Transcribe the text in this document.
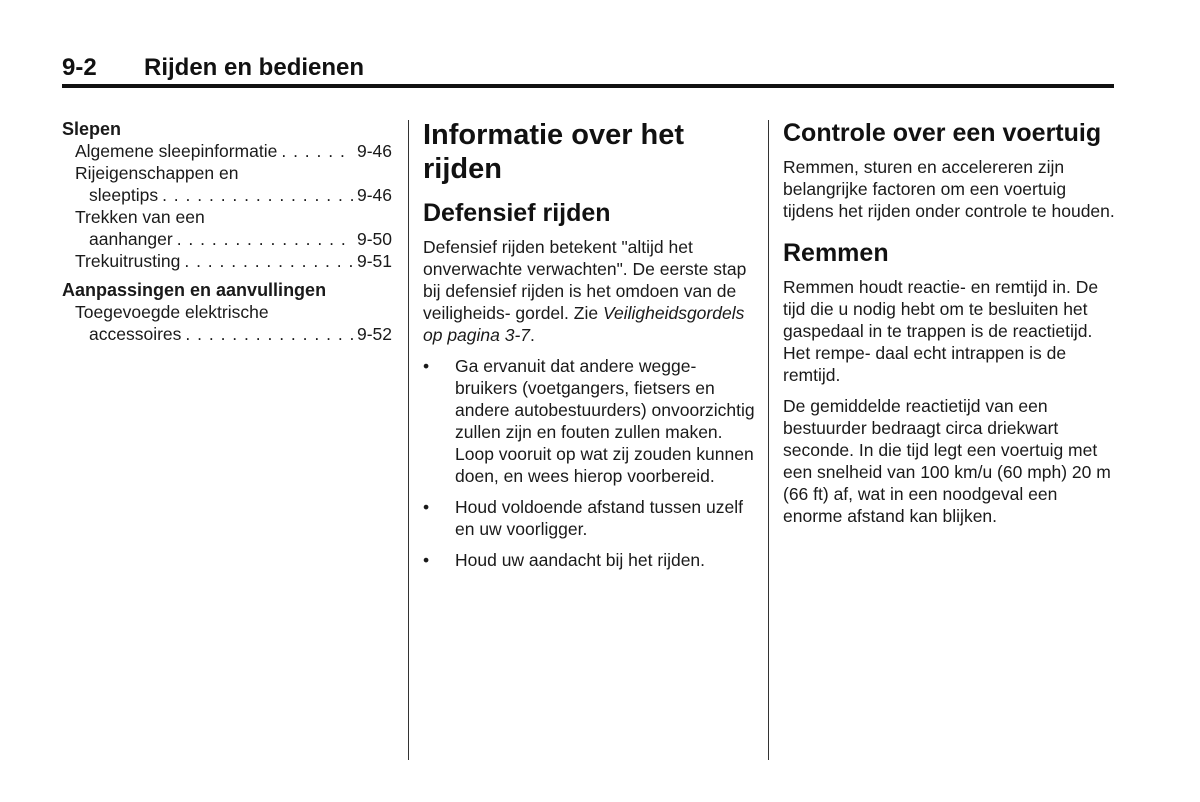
9-2 Rijden en bedienen
Slepen
Algemene sleepinformatie . . .	9-46
Rijeigenschappen en
sleeptips . . .	9-46
Trekken van een
aanhanger . . .	9-50
Trekuitrusting . . .	9-51
Aanpassingen en aanvullingen
Toegevoegde elektrische
accessoires . . .	9-52
Informatie over het rijden
Defensief rijden

Defensief rijden betekent "altijd het onverwachte verwachten". De eerste stap bij defensief rijden is het omdoen van de veiligheids- gordel. Zie Veiligheidsgordels op pagina 3-7.

•	Ga ervanuit dat andere wegge- bruikers (voetgangers, fietsers en andere autobestuurders) onvoorzichtig zullen zijn en fouten zullen maken. Loop vooruit op wat zij zouden kunnen doen, en wees hierop voorbereid.
•	Houd voldoende afstand tussen uzelf en uw voorligger.
•	Houd uw aandacht bij het rijden.
Controle over een voertuig

Remmen, sturen en accelereren zijn belangrijke factoren om een voertuig tijdens het rijden onder controle te houden.

Remmen

Remmen houdt reactie- en remtijd in. De tijd die u nodig hebt om te besluiten het gaspedaal in te trappen is de reactietijd. Het rempe- daal echt intrappen is de remtijd.

De gemiddelde reactietijd van een bestuurder bedraagt circa driekwart seconde. In die tijd legt een voertuig met een snelheid van 100 km/u (60 mph) 20 m (66 ft) af, wat in een noodgeval een enorme afstand kan blijken.
